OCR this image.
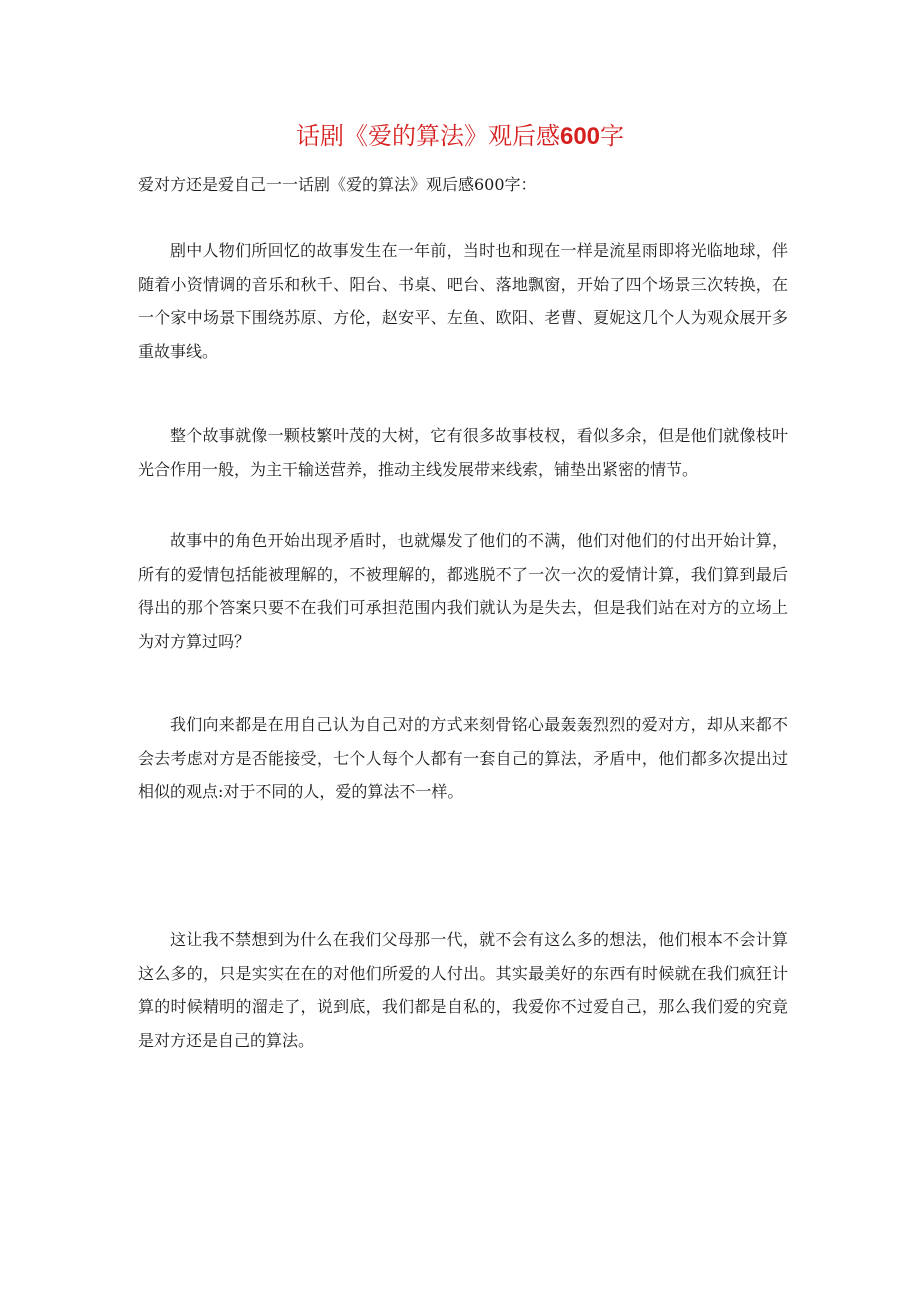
话剧《爱的算法》观后感600字

爱对方还是爱自己一一话剧《爱的算法》观后感600字：

剧中人物们所回忆的故事发生在一年前，当时也和现在一样是流星雨即将光临地球，伴随着小资情调的音乐和秋千、阳台、书桌、吧台、落地飘窗，开始了四个场景三次转换，在一个家中场景下围绕苏原、方伦，赵安平、左鱼、欧阳、老曹、夏妮这几个人为观众展开多重故事线。

整个故事就像一颗枝繁叶茂的大树，它有很多故事枝杈，看似多余，但是他们就像枝叶光合作用一般，为主干输送营养，推动主线发展带来线索，铺垫出紧密的情节。

故事中的角色开始出现矛盾时，也就爆发了他们的不满，他们对他们的付出开始计算，所有的爱情包括能被理解的，不被理解的，都逃脱不了一次一次的爱情计算，我们算到最后得出的那个答案只要不在我们可承担范围内我们就认为是失去，但是我们站在对方的立场上为对方算过吗？

我们向来都是在用自己认为自己对的方式来刻骨铭心最轰轰烈烈的爱对方，却从来都不会去考虑对方是否能接受，七个人每个人都有一套自己的算法，矛盾中，他们都多次提出过相似的观点:对于不同的人，爱的算法不一样。

这让我不禁想到为什么在我们父母那一代，就不会有这么多的想法，他们根本不会计算这么多的，只是实实在在的对他们所爱的人付出。其实最美好的东西有时候就在我们疯狂计算的时候精明的溜走了，说到底，我们都是自私的，我爱你不过爱自己，那么我们爱的究竟是对方还是自己的算法。
